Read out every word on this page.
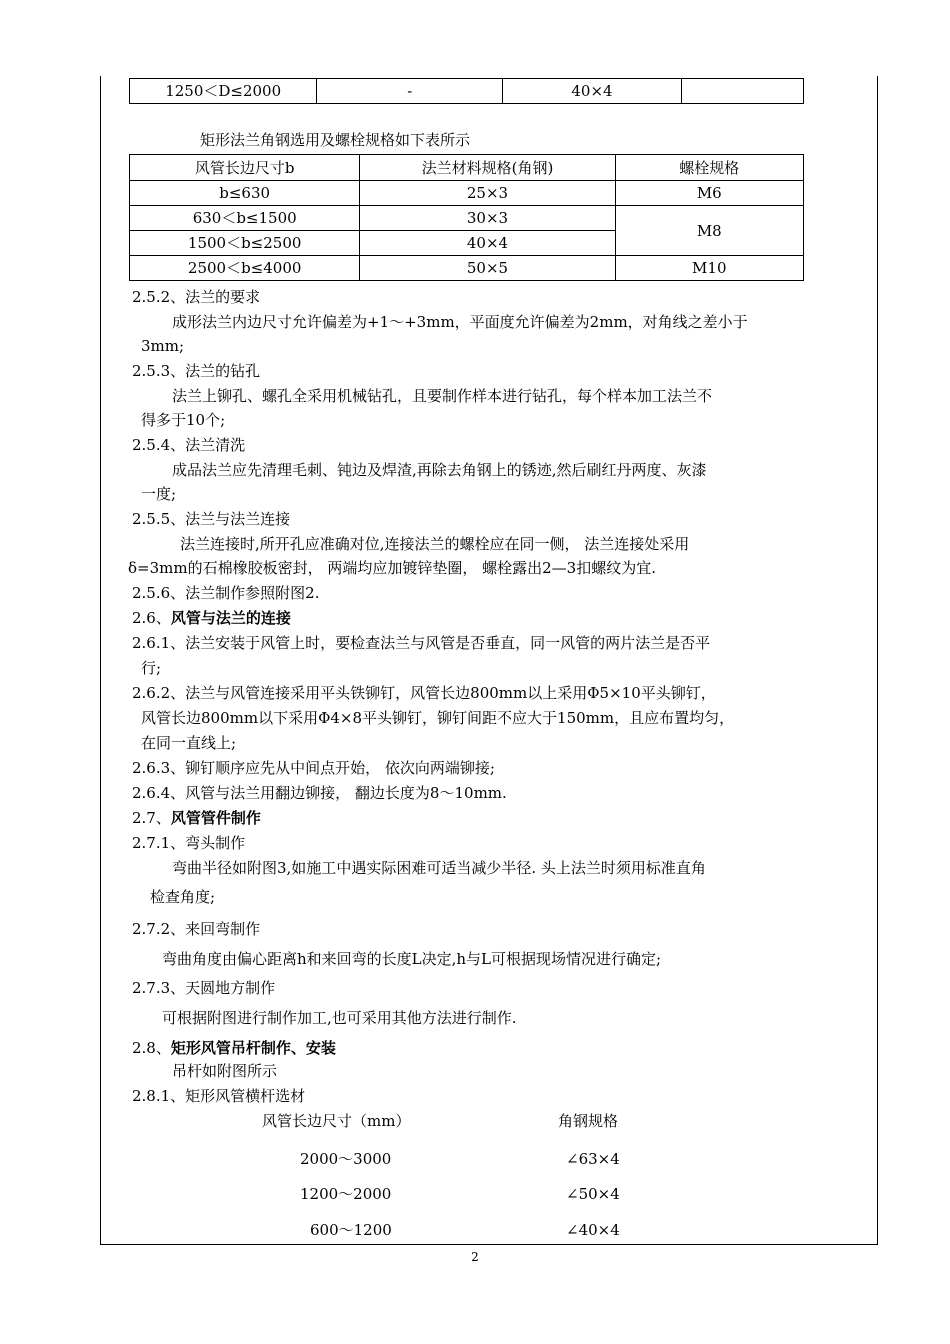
1250＜D≤2000	-	40×4	
矩形法兰角钢选用及螺栓规格如下表所示
风管长边尺寸b	法兰材料规格(角钢)	螺栓规格
b≤630	25×3	M6
630＜b≤1500	30×3	M8
1500＜b≤2500	40×4	
2500＜b≤4000	50×5	M10
2.5.2、法兰的要求
成形法兰内边尺寸允许偏差为+1～+3mm，平面度允许偏差为2mm，对角线之差小于
3mm;
2.5.3、法兰的钻孔
法兰上铆孔、螺孔全采用机械钻孔，且要制作样本进行钻孔，每个样本加工法兰不
得多于10个;
2.5.4、法兰清洗
成品法兰应先清理毛刺、钝边及焊渣,再除去角钢上的锈迹,然后刷红丹两度、灰漆
一度;
2.5.5、法兰与法兰连接
法兰连接时,所开孔应准确对位,连接法兰的螺栓应在同一侧， 法兰连接处采用
δ=3mm的石棉橡胶板密封， 两端均应加镀锌垫圈， 螺栓露出2—3扣螺纹为宜.
2.5.6、法兰制作参照附图2.
2.6、风管与法兰的连接
2.6.1、法兰安装于风管上时，要检查法兰与风管是否垂直，同一风管的两片法兰是否平
行;
2.6.2、法兰与风管连接采用平头铁铆钉，风管长边800mm以上采用Φ5×10平头铆钉，
风管长边800mm以下采用Φ4×8平头铆钉，铆钉间距不应大于150mm，且应布置均匀，
在同一直线上;
2.6.3、铆钉顺序应先从中间点开始， 依次向两端铆接;
2.6.4、风管与法兰用翻边铆接， 翻边长度为8～10mm.
2.7、风管管件制作
2.7.1、弯头制作
弯曲半径如附图3,如施工中遇实际困难可适当减少半径. 头上法兰时须用标准直角
检查角度;
2.7.2、来回弯制作
弯曲角度由偏心距离h和来回弯的长度L决定,h与L可根据现场情况进行确定;
2.7.3、天圆地方制作
可根据附图进行制作加工,也可采用其他方法进行制作.
2.8、矩形风管吊杆制作、安装
吊杆如附图所示
2.8.1、矩形风管横杆选材
风管长边尺寸（mm）	角钢规格
2000～3000	∠63×4
1200～2000	∠50×4
600～1200	∠40×4
2
